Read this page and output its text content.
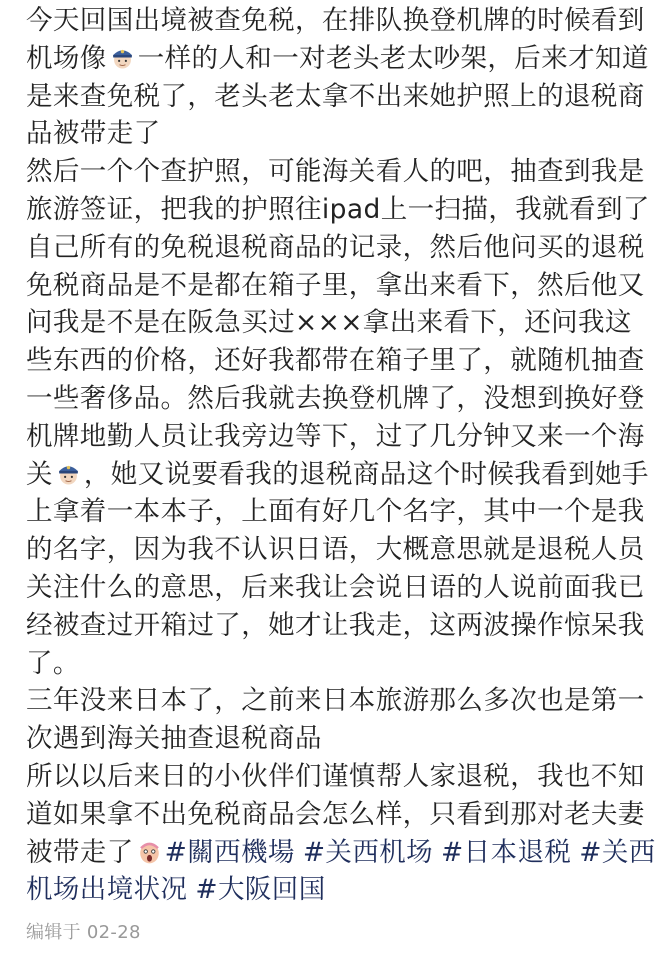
今天回国出境被查免税，在排队换登机牌的时候看到
机场像 一样的人和一对老头老太吵架，后来才知道
是来查免税了，老头老太拿不出来她护照上的退税商
品被带走了
然后一个个查护照，可能海关看人的吧，抽查到我是
旅游签证，把我的护照往ipad上一扫描，我就看到了
自己所有的免税退税商品的记录，然后他问买的退税
免税商品是不是都在箱子里，拿出来看下，然后他又
问我是不是在阪急买过×××拿出来看下，还问我这
些东西的价格，还好我都带在箱子里了，就随机抽查
一些奢侈品。然后我就去换登机牌了，没想到换好登
机牌地勤人员让我旁边等下，过了几分钟又来一个海
关 ，她又说要看我的退税商品这个时候我看到她手
上拿着一本本子，上面有好几个名字，其中一个是我
的名字，因为我不认识日语，大概意思就是退税人员
关注什么的意思，后来我让会说日语的人说前面我已
经被查过开箱过了，她才让我走，这两波操作惊呆我
了。
三年没来日本了，之前来日本旅游那么多次也是第一
次遇到海关抽查退税商品
所以以后来日的小伙伴们谨慎帮人家退税，我也不知
道如果拿不出免税商品会怎么样，只看到那对老夫妻
被带走了 #關西機場 #关西机场 #日本退税 #关西
机场出境状况 #大阪回国
编辑于 02-28
